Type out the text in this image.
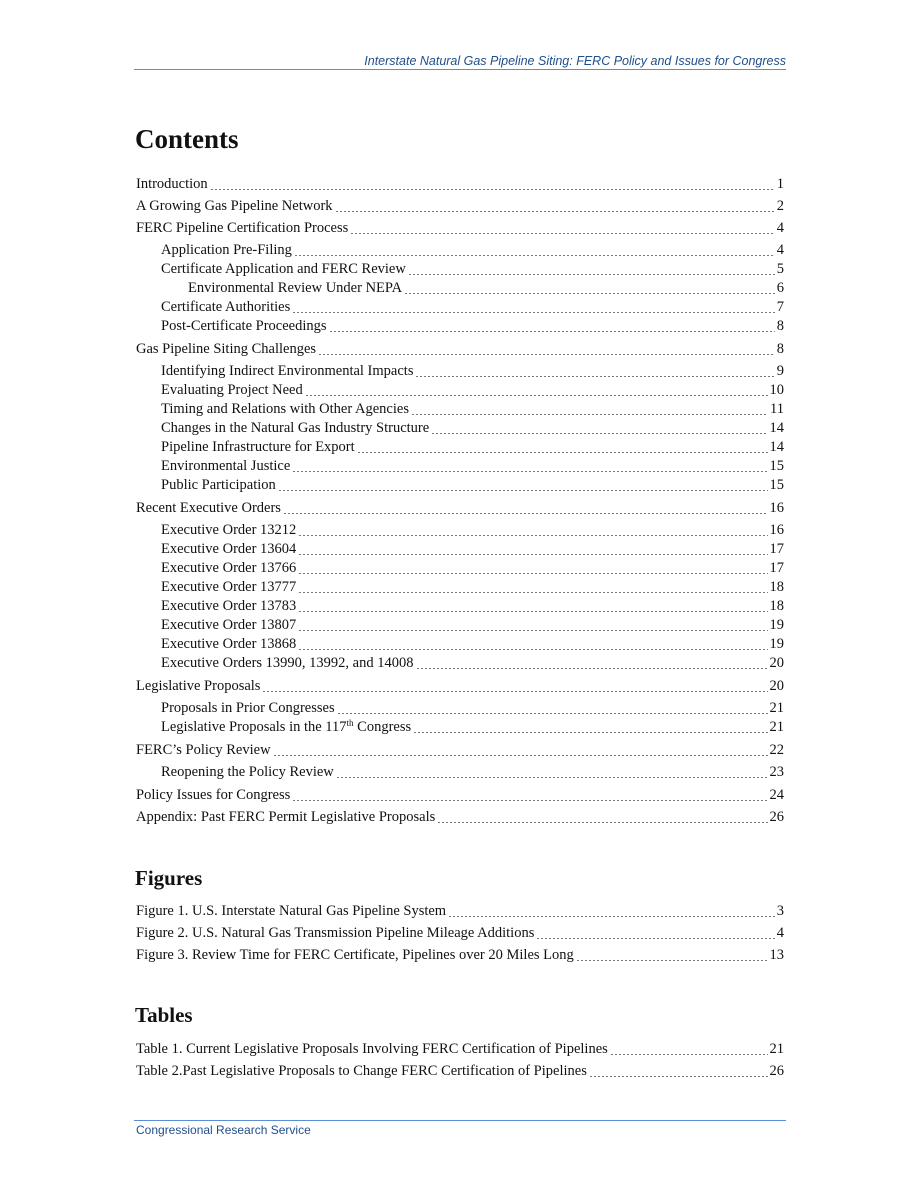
Interstate Natural Gas Pipeline Siting: FERC Policy and Issues for Congress
Contents
Introduction	1
A Growing Gas Pipeline Network	2
FERC Pipeline Certification Process	4
Application Pre-Filing	4
Certificate Application and FERC Review	5
Environmental Review Under NEPA	6
Certificate Authorities	7
Post-Certificate Proceedings	8
Gas Pipeline Siting Challenges	8
Identifying Indirect Environmental Impacts	9
Evaluating Project Need	10
Timing and Relations with Other Agencies	11
Changes in the Natural Gas Industry Structure	14
Pipeline Infrastructure for Export	14
Environmental Justice	15
Public Participation	15
Recent Executive Orders	16
Executive Order 13212	16
Executive Order 13604	17
Executive Order 13766	17
Executive Order 13777	18
Executive Order 13783	18
Executive Order 13807	19
Executive Order 13868	19
Executive Orders 13990, 13992, and 14008	20
Legislative Proposals	20
Proposals in Prior Congresses	21
Legislative Proposals in the 117th Congress	21
FERC’s Policy Review	22
Reopening the Policy Review	23
Policy Issues for Congress	24
Appendix: Past FERC Permit Legislative Proposals	26
Figures
Figure 1. U.S. Interstate Natural Gas Pipeline System	3
Figure 2. U.S. Natural Gas Transmission Pipeline Mileage Additions	4
Figure 3. Review Time for FERC Certificate, Pipelines over 20 Miles Long	13
Tables
Table 1. Current Legislative Proposals Involving FERC Certification of Pipelines	21
Table 2.Past Legislative Proposals to Change FERC Certification of Pipelines	26
Congressional Research Service
